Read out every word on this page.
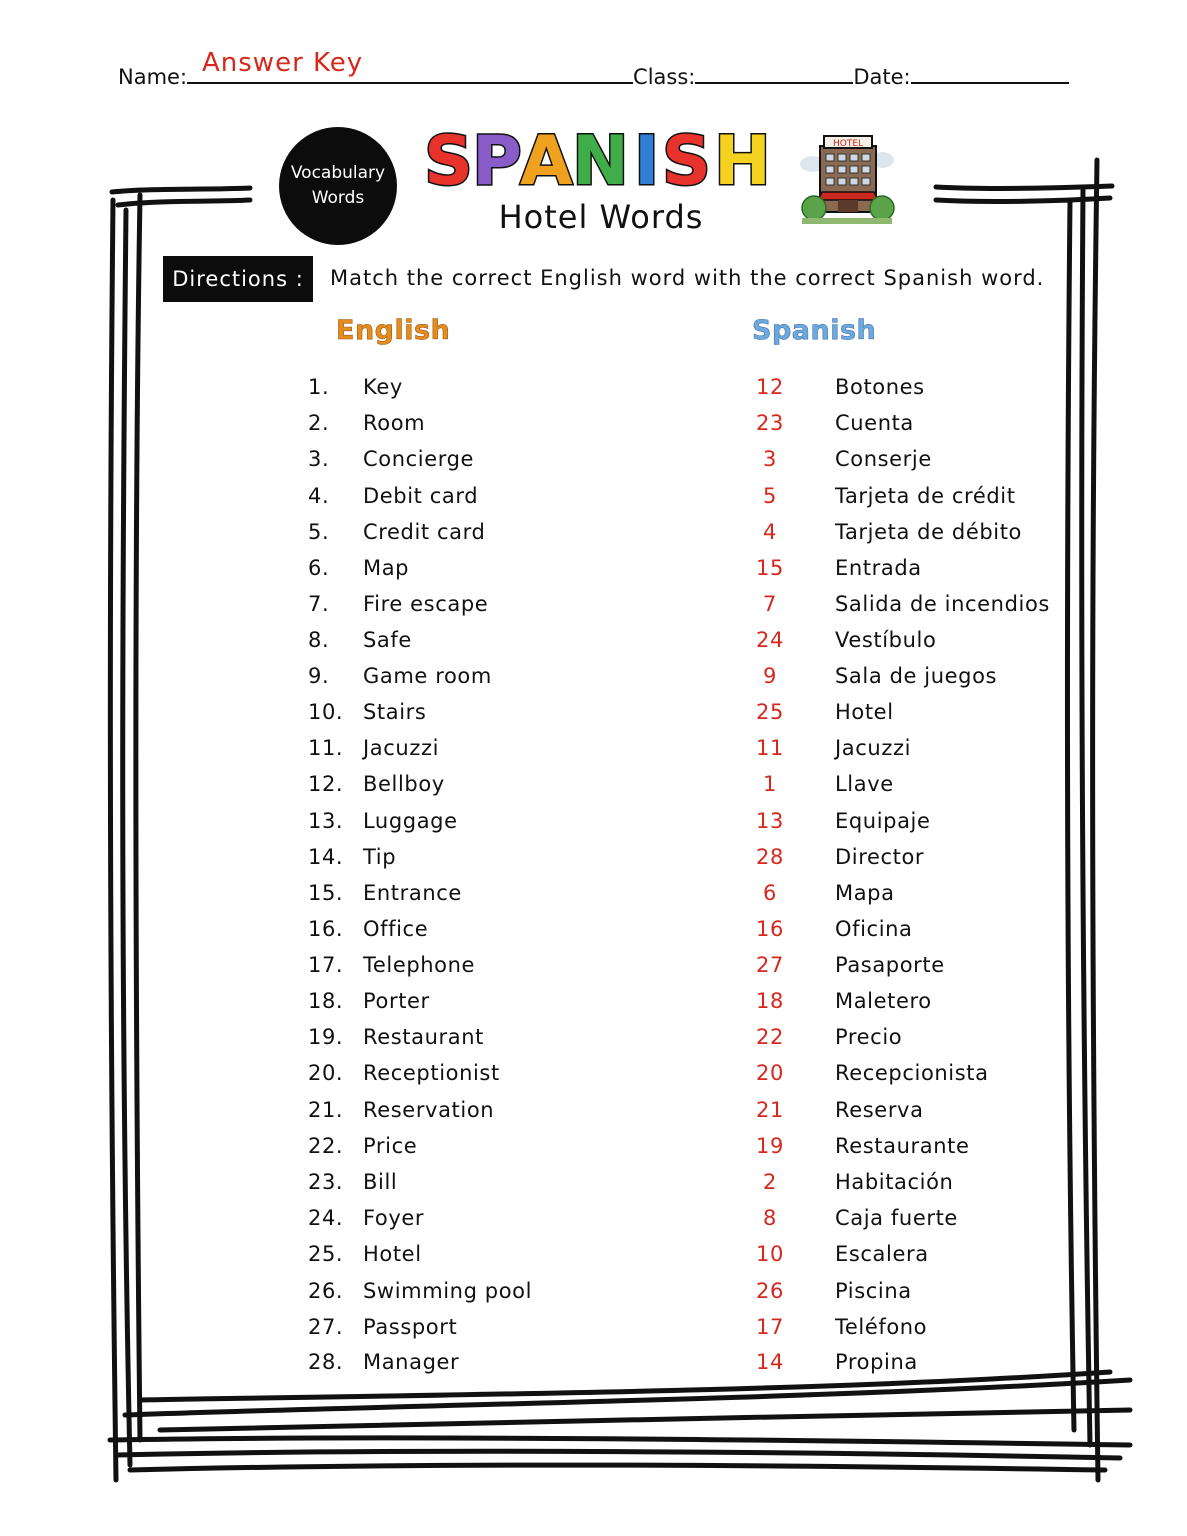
Name:	Class:	Date:
Answer Key
Vocabulary
Words S P
A N I S H
Hotel Words
HOTEL
Directions :	Match the correct English word with the correct Spanish word.
English	Spanish
1.	Key	12	Botones
2.	Room	23	Cuenta
3.	Concierge	3	Conserje
4.	Debit card	5	Tarjeta de crédit
5.	Credit card	4	Tarjeta de débito
6.	Map	15	Entrada
7.	Fire escape	7	Salida de incendios
8.	Safe	24	Vestíbulo
9.	Game room	9	Sala de juegos
10. Stairs	25	Hotel
11. Jacuzzi	11	Jacuzzi
12. Bellboy	1	Llave
13. Luggage	13	Equipaje
14. Tip	28	Director
15. Entrance	6	Mapa
16. Office	16	Oficina
17. Telephone	27	Pasaporte
18. Porter	18	Maletero
19. Restaurant	22	Precio
20. Receptionist	20	Recepcionista
21. Reservation	21	Reserva
22. Price	19	Restaurante
23. Bill	2	Habitación
24. Foyer	8	Caja fuerte
25. Hotel	10	Escalera
26. Swimming pool	26	Piscina
27. Passport	17	Teléfono
28. Manager	14	Propina
